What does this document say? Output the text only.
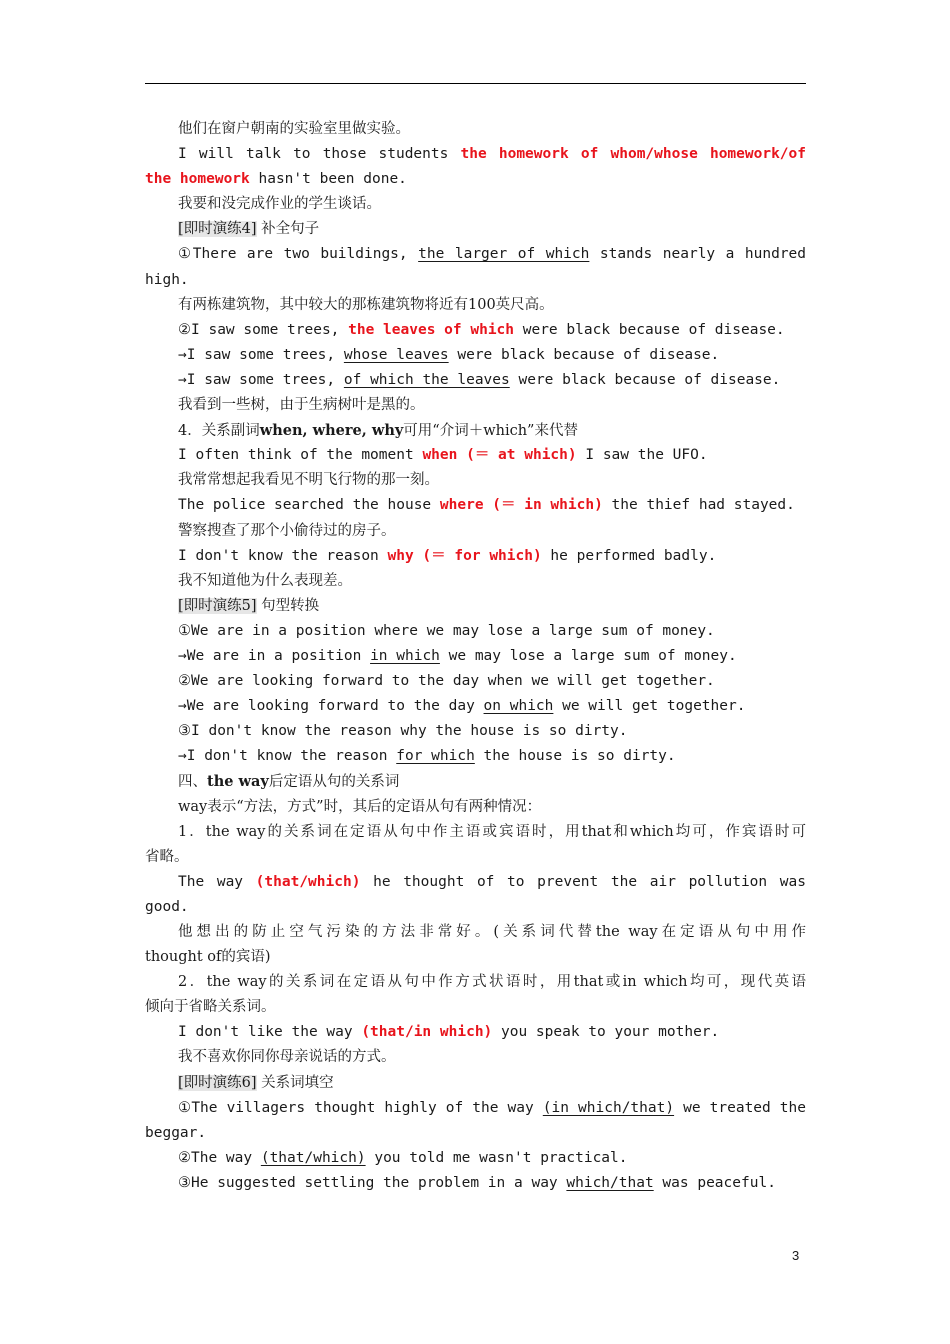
他们在窗户朝南的实验室里做实验。
I will talk to those students the homework of whom/whose homework/of
the homework hasn't been done.
我要和没完成作业的学生谈话。
[即时演练4] 补全句子
①There are two buildings, the larger of which stands nearly a hundred
high.
有两栋建筑物，其中较大的那栋建筑物将近有100英尺高。
②I saw some trees, the leaves of which were black because of disease.
→I saw some trees, whose leaves were black because of disease.
→I saw some trees, of which the leaves were black because of disease.
我看到一些树，由于生病树叶是黑的。
4．关系副词when, where, why可用“介词＋which”来代替
I often think of the moment when (＝ at which) I saw the UFO.
我常常想起我看见不明飞行物的那一刻。
The police searched the house where (＝ in which) the thief had stayed.
警察搜查了那个小偷待过的房子。
I don't know the reason why (＝ for which) he performed badly.
我不知道他为什么表现差。
[即时演练5] 句型转换
①We are in a position where we may lose a large sum of money.
→We are in a position in which we may lose a large sum of money.
②We are looking forward to the day when we will get together.
→We are looking forward to the day on which we will get together.
③I don't know the reason why the house is so dirty.
→I don't know the reason for which the house is so dirty.
四、the way后定语从句的关系词
way表示“方法，方式”时，其后的定语从句有两种情况：
1．the way的关系词在定语从句中作主语或宾语时，用that和which均可，作宾语时可
省略。
The way (that/which) he thought of to prevent the air pollution was
good.
他想出的防止空气污染的方法非常好。(关系词代替the way在定语从句中用作
thought of的宾语)
2．the way的关系词在定语从句中作方式状语时，用that或in which均可，现代英语
倾向于省略关系词。
I don't like the way (that/in which) you speak to your mother.
我不喜欢你同你母亲说话的方式。
[即时演练6] 关系词填空
①The villagers thought highly of the way (in which/that) we treated the
beggar.
②The way (that/which) you told me wasn't practical.
③He suggested settling the problem in a way which/that was peaceful.
3
